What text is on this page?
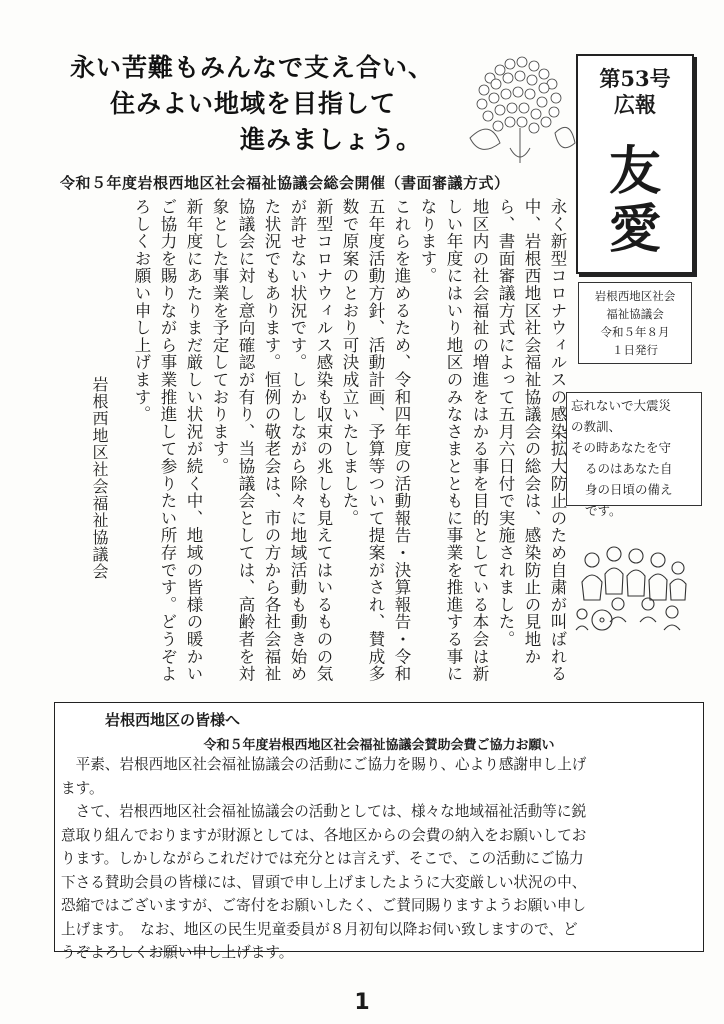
永い苦難もみんなで支え合い、
住みよい地域を目指して
進みましょう。
第53号
広報
友
愛
岩根西地区社会
福祉協議会
令和５年８月
１日発行
忘れないで大震災
の教訓、
その時あなたを守
るのはあなた自
身の日頃の備え
です。
令和５年度岩根西地区社会福祉協議会総会開催（書面審議方式）

永く新型コロナウィルスの感染拡大防止のため自粛が叫ばれる中、岩根西地区社会福祉協議会の総会は、感染防止の見地から、書面審議方式によって五月六日付で実施されました。

地区内の社会福祉の増進をはかる事を目的としている本会は新しい年度にはいり地区のみなさまとともに事業を推進する事になります。

これらを進めるため、令和四年度の活動報告・決算報告・令和五年度活動方針、活動計画、予算等ついて提案がされ、賛成多数で原案のとおり可決成立いたしました。

新型コロナウィルス感染も収束の兆しも見えてはいるものの気が許せない状況です。しかしながら除々に地域活動も動き始めた状況でもあります。恒例の敬老会は、市の方から各社会福祉協議会に対し意向確認が有り、当協議会としては、高齢者を対象とした事業を予定しております。

新年度にあたりまだ厳しい状況が続く中、地域の皆様の暖かいご協力を賜りながら事業推進して参りたい所存です。どうぞよろしくお願い申し上げます。

岩根西地区社会福祉協議会
岩根西地区の皆様へ
令和５年度岩根西地区社会福祉協議会賛助会費ご協力お願い
　平素、岩根西地区社会福祉協議会の活動にご協力を賜り、心より感謝申し上げ
ます。
　さて、岩根西地区社会福祉協議会の活動としては、様々な地域福祉活動等に鋭
意取り組んでおりますが財源としては、各地区からの会費の納入をお願いしてお
ります。しかしながらこれだけでは充分とは言えず、そこで、この活動にご協力
下さる賛助会員の皆様には、冒頭で申し上げましたように大変厳しい状況の中、
恐縮ではございますが、ご寄付をお願いしたく、ご賛同賜りますようお願い申し
上げます。　なお、地区の民生児童委員が８月初旬以降お伺い致しますので、ど
うぞよろしくお願い申し上げます。
1
